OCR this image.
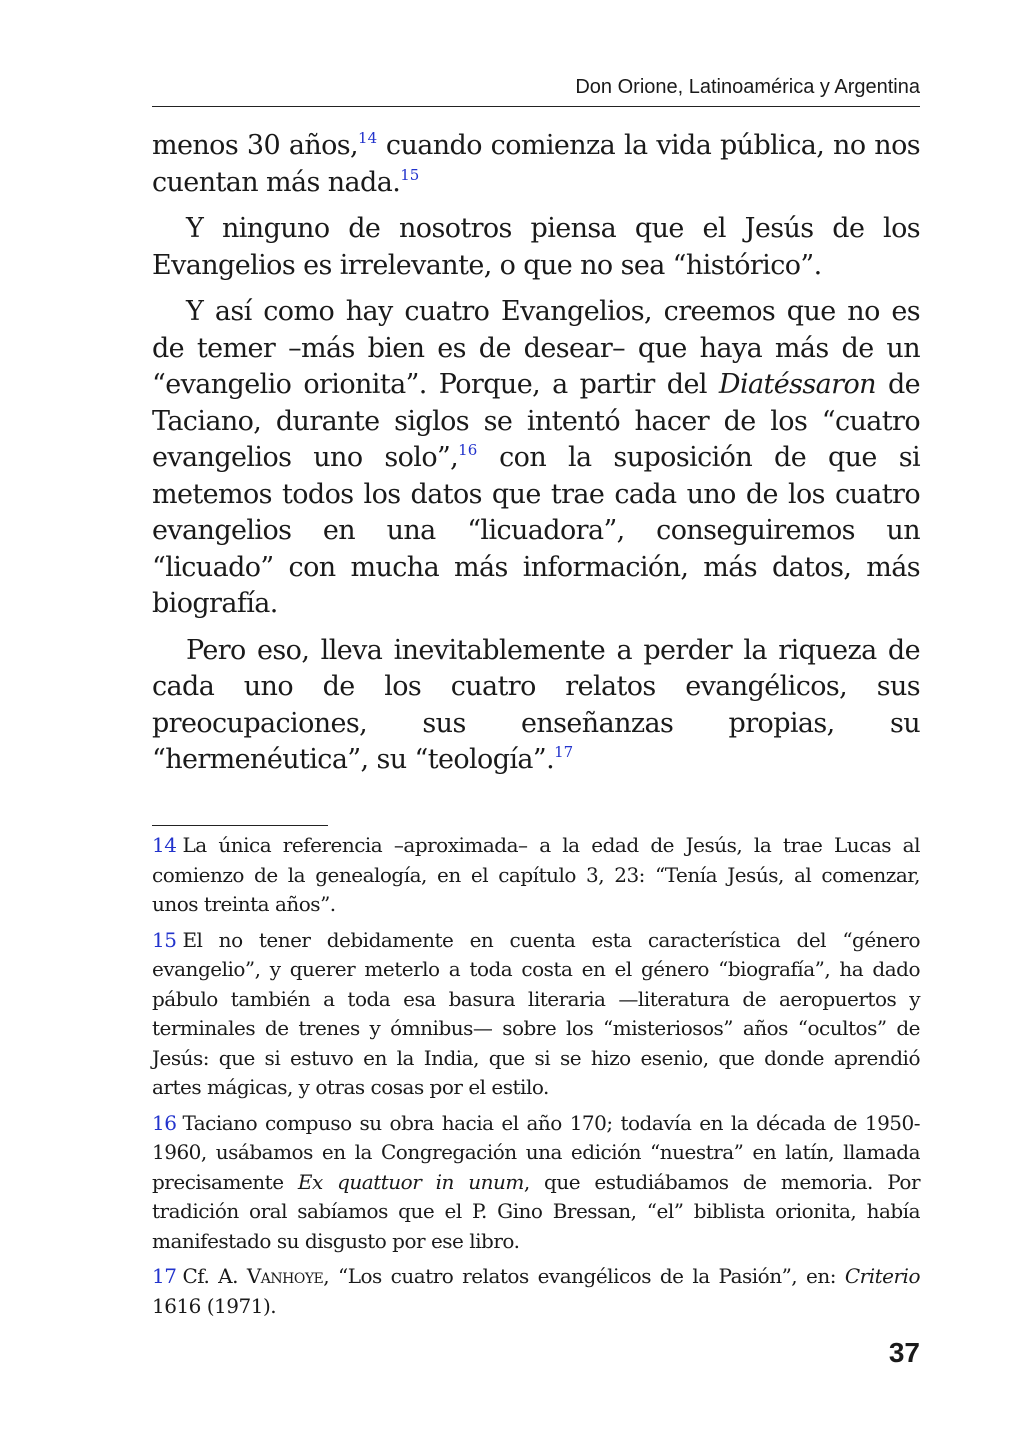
Don Orione, Latinoamérica y Argentina

menos 30 años,$^{14}$ cuando comienza la vida pública, no nos cuentan más nada.$^{15}$

Y ninguno de nosotros piensa que el Jesús de los Evangelios es irrelevante, o que no sea “histórico”.

Y así como hay cuatro Evangelios, creemos que no es de temer –más bien es de desear– que haya más de un “evangelio orionita”. Porque, a partir del Diatéssaron de Taciano, durante siglos se intentó hacer de los “cuatro evangelios uno solo”,$^{16}$ con la suposición de que si metemos todos los datos que trae cada uno de los cuatro evangelios en una “licuadora”, conseguiremos un “licuado” con mucha más información, más datos, más biografía.

Pero eso, lleva inevitablemente a perder la riqueza de cada uno de los cuatro relatos evangélicos, sus preocupaciones, sus enseñanzas propias, su “hermenéutica”, su “teología”.$^{17}$

14 La única referencia –aproximada– a la edad de Jesús, la trae Lucas al comienzo de la genealogía, en el capítulo 3, 23: “Tenía Jesús, al comenzar, unos treinta años”.

15 El no tener debidamente en cuenta esta característica del “género evangelio”, y querer meterlo a toda costa en el género “biografía”, ha dado pábulo también a toda esa basura literaria —literatura de aeropuertos y terminales de trenes y ómnibus— sobre los “misteriosos” años “ocultos” de Jesús: que si estuvo en la India, que si se hizo esenio, que donde aprendió artes mágicas, y otras cosas por el estilo.

16 Taciano compuso su obra hacia el año 170; todavía en la década de 1950-1960, usábamos en la Congregación una edición “nuestra” en latín, llamada precisamente Ex quattuor in unum, que estudiábamos de memoria. Por tradición oral sabíamos que el P. Gino Bressan, “el” biblista orionita, había manifestado su disgusto por ese libro.

17 Cf. A. Vanhoye, “Los cuatro relatos evangélicos de la Pasión”, en: Criterio 1616 (1971).

37
